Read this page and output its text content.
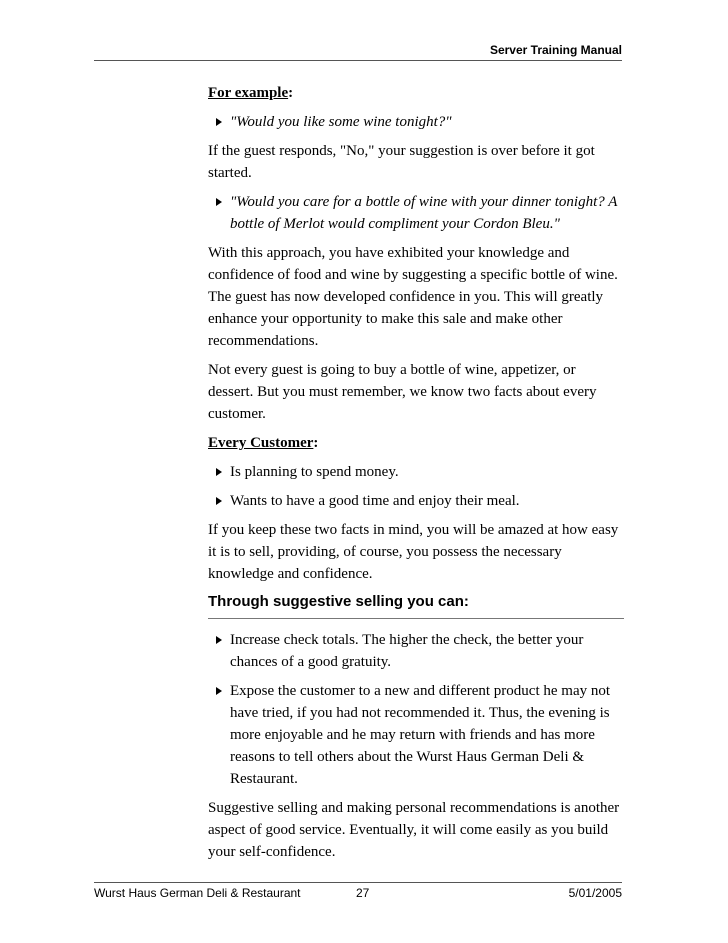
Server Training Manual
For example:
"Would you like some wine tonight?"
If the guest responds, "No," your suggestion is over before it got started.
"Would you care for a bottle of wine with your dinner tonight? A bottle of Merlot would compliment your Cordon Bleu."
With this approach, you have exhibited your knowledge and confidence of food and wine by suggesting a specific bottle of wine. The guest has now developed confidence in you. This will greatly enhance your opportunity to make this sale and make other recommendations.
Not every guest is going to buy a bottle of wine, appetizer, or dessert. But you must remember, we know two facts about every customer.
Every Customer:
Is planning to spend money.
Wants to have a good time and enjoy their meal.
If you keep these two facts in mind, you will be amazed at how easy it is to sell, providing, of course, you possess the necessary knowledge and confidence.
Through suggestive selling you can:
Increase check totals. The higher the check, the better your chances of a good gratuity.
Expose the customer to a new and different product he may not have tried, if you had not recommended it. Thus, the evening is more enjoyable and he may return with friends and has more reasons to tell others about the Wurst Haus German Deli & Restaurant.
Suggestive selling and making personal recommendations is another aspect of good service. Eventually, it will come easily as you build your self-confidence.
Wurst Haus German Deli & Restaurant	27	5/01/2005
